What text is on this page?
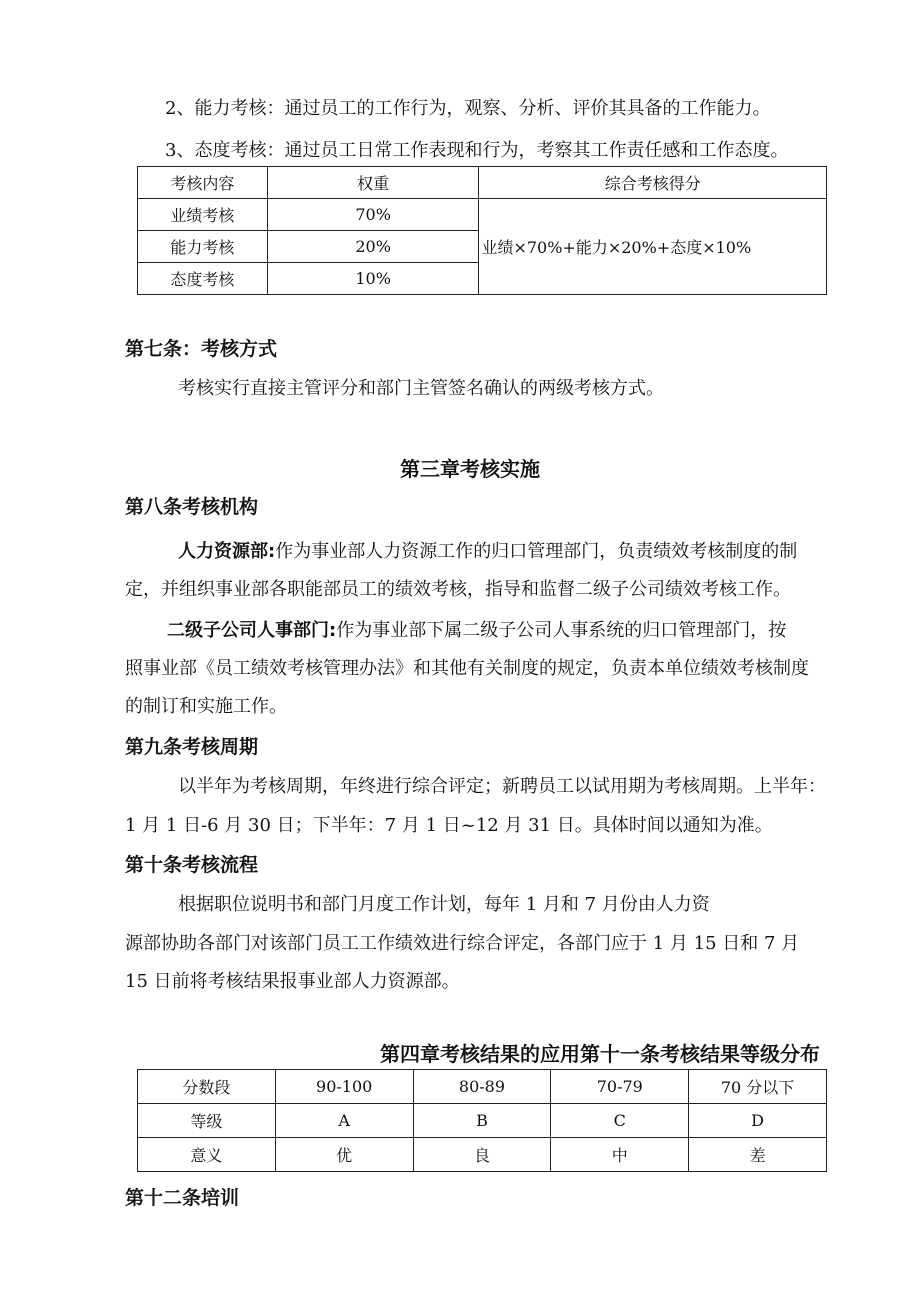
2、能力考核：通过员工的工作行为，观察、分析、评价其具备的工作能力。
3、态度考核：通过员工日常工作表现和行为，考察其工作责任感和工作态度。
考核内容	权重	综合考核得分
业绩考核	70%	业绩×70%+能力×20%+态度×10%
能力考核	20%	
态度考核	10%	
第七条：考核方式
考核实行直接主管评分和部门主管签名确认的两级考核方式。
第三章考核实施
第八条考核机构
人力资源部:作为事业部人力资源工作的归口管理部门，负责绩效考核制度的制
定，并组织事业部各职能部员工的绩效考核，指导和监督二级子公司绩效考核工作。
二级子公司人事部门:作为事业部下属二级子公司人事系统的归口管理部门，按
照事业部《员工绩效考核管理办法》和其他有关制度的规定，负责本单位绩效考核制度
的制订和实施工作。
第九条考核周期
以半年为考核周期，年终进行综合评定；新聘员工以试用期为考核周期。上半年：
1 月 1 日-6 月 30 日；下半年：7 月 1 日~12 月 31 日。具体时间以通知为准。
第十条考核流程
根据职位说明书和部门月度工作计划，每年 1 月和 7 月份由人力资
源部协助各部门对该部门员工工作绩效进行综合评定，各部门应于 1 月 15 日和 7 月
15 日前将考核结果报事业部人力资源部。
第四章考核结果的应用第十一条考核结果等级分布
分数段	90-100	80-89	70-79	70 分以下
等级	A	B	C	D
意义	优	良	中	差
第十二条培训
